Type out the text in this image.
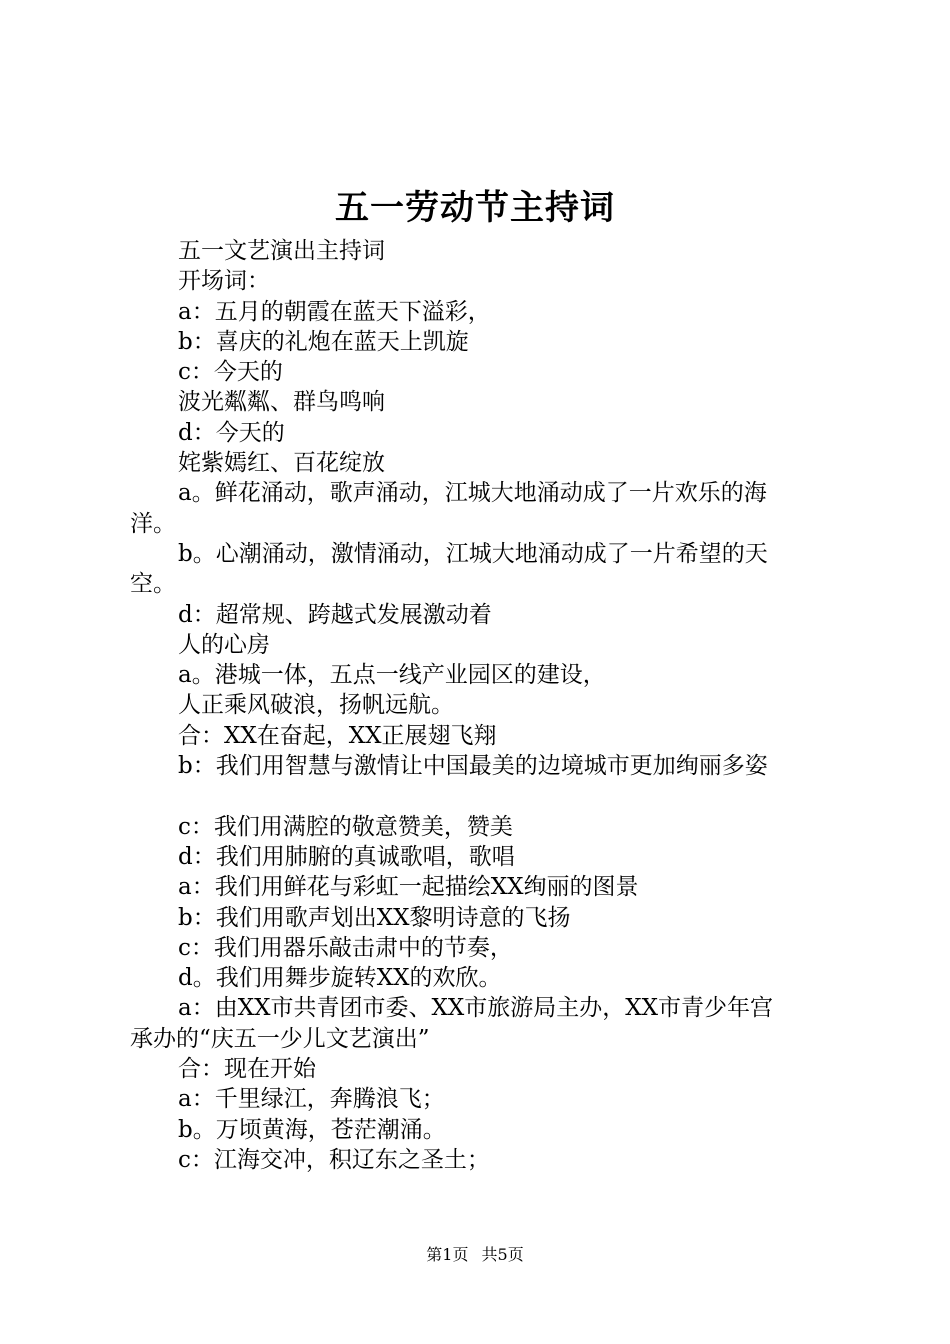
五一劳动节主持词

五一文艺演出主持词

开场词：

a：五月的朝霞在蓝天下溢彩，

b：喜庆的礼炮在蓝天上凯旋

c：今天的

波光粼粼、群鸟鸣响

d：今天的

姹紫嫣红、百花绽放

a。鲜花涌动，歌声涌动，江城大地涌动成了一片欢乐的海

洋。

b。心潮涌动，激情涌动，江城大地涌动成了一片希望的天

空。

d：超常规、跨越式发展激动着

人的心房

a。港城一体，五点一线产业园区的建设，

人正乘风破浪，扬帆远航。

合：XX在奋起，XX正展翅飞翔

b：我们用智慧与激情让中国最美的边境城市更加绚丽多姿

c：我们用满腔的敬意赞美，赞美

d：我们用肺腑的真诚歌唱，歌唱

a：我们用鲜花与彩虹一起描绘XX绚丽的图景

b：我们用歌声划出XX黎明诗意的飞扬

c：我们用器乐敲击肃中的节奏，

d。我们用舞步旋转XX的欢欣。

a：由XX市共青团市委、XX市旅游局主办，XX市青少年宫

承办的“庆五一少儿文艺演出”

合：现在开始

a：千里绿江，奔腾浪飞；

b。万顷黄海，苍茫潮涌。

c：江海交冲，积辽东之圣土；

第1页 共5页
